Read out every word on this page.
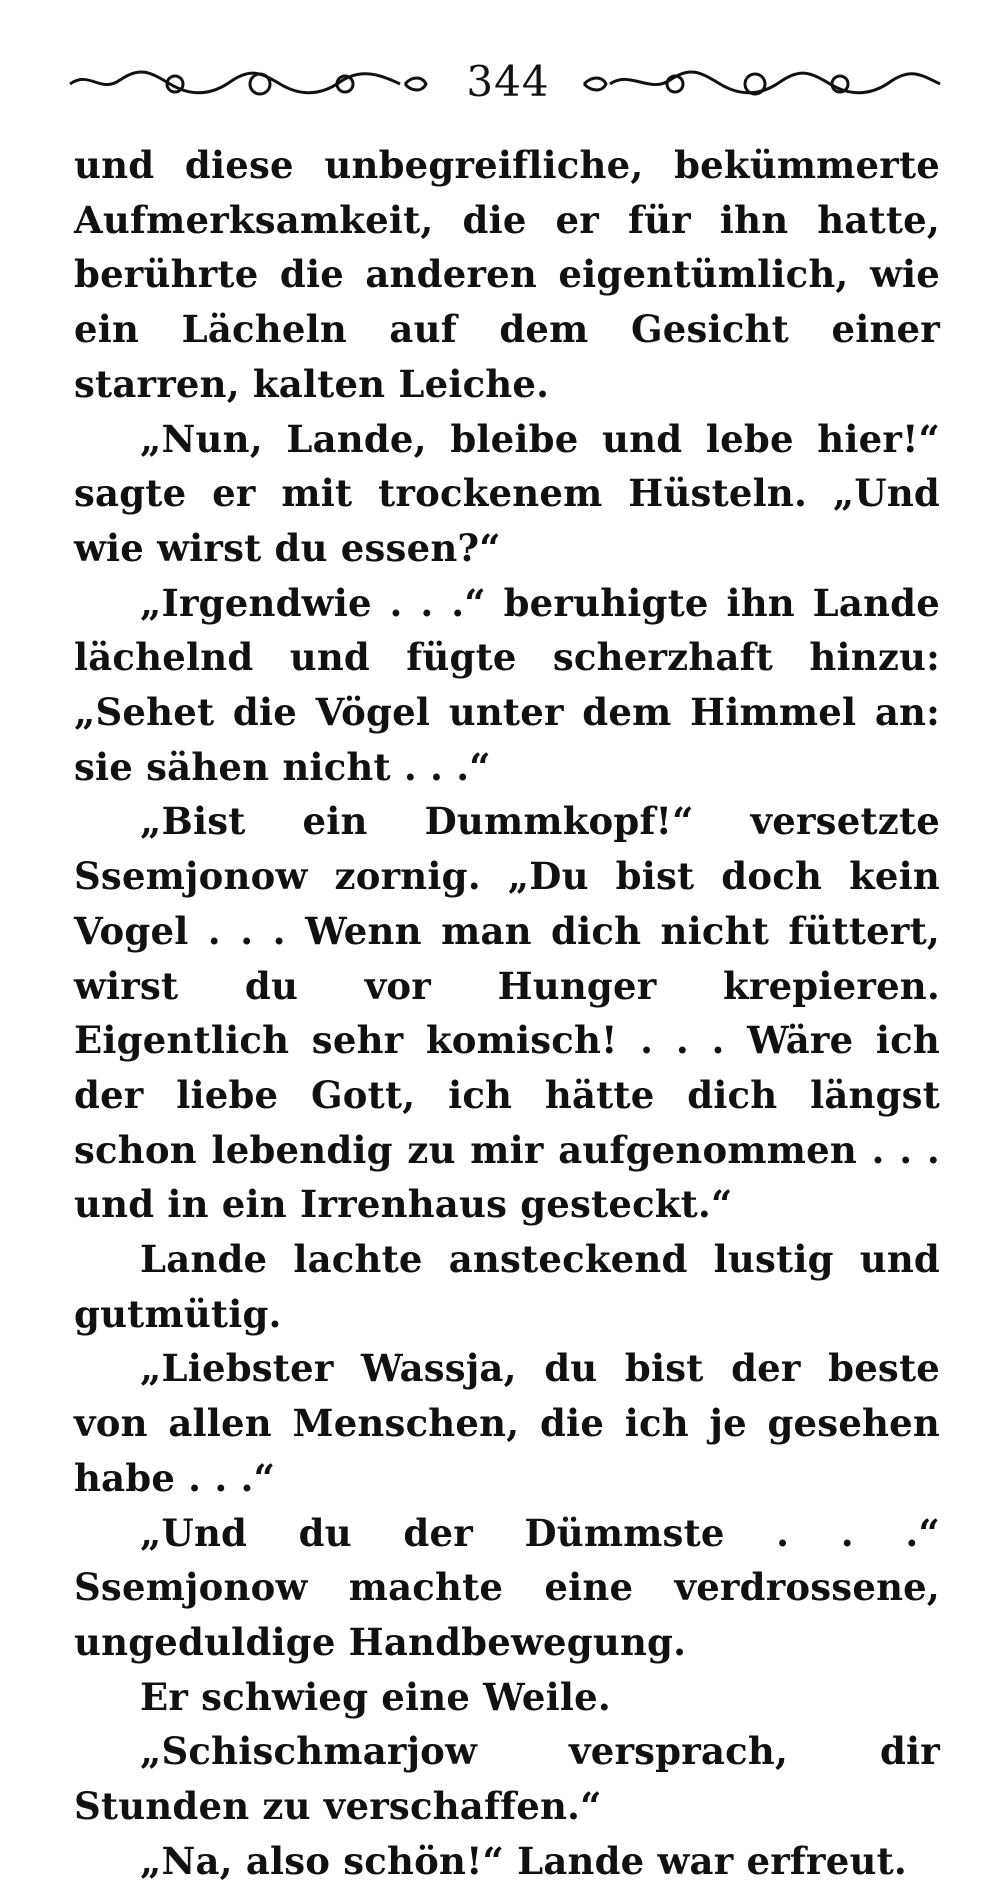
344

und diese unbegreifliche, bekümmerte Aufmerksamkeit, die er für ihn hatte, berührte die anderen eigentümlich, wie ein Lächeln auf dem Gesicht einer starren, kalten Leiche.

„Nun, Lande, bleibe und lebe hier!“ sagte er mit trockenem Hüsteln. „Und wie wirst du essen?“

„Irgendwie . . .“ beruhigte ihn Lande lächelnd und fügte scherzhaft hinzu: „Sehet die Vögel unter dem Himmel an: sie sähen nicht . . .“

„Bist ein Dummkopf!“ versetzte Ssemjonow zornig. „Du bist doch kein Vogel . . . Wenn man dich nicht füttert, wirst du vor Hunger krepieren. Eigentlich sehr komisch! . . . Wäre ich der liebe Gott, ich hätte dich längst schon lebendig zu mir aufgenommen . . . und in ein Irrenhaus gesteckt.“

Lande lachte ansteckend lustig und gutmütig.

„Liebster Wassja, du bist der beste von allen Menschen, die ich je gesehen habe . . .“

„Und du der Dümmste . . .“ Ssemjonow machte eine verdrossene, ungeduldige Handbewegung.

Er schwieg eine Weile.

„Schischmarjow versprach, dir Stunden zu verschaffen.“

„Na, also schön!“ Lande war erfreut.
